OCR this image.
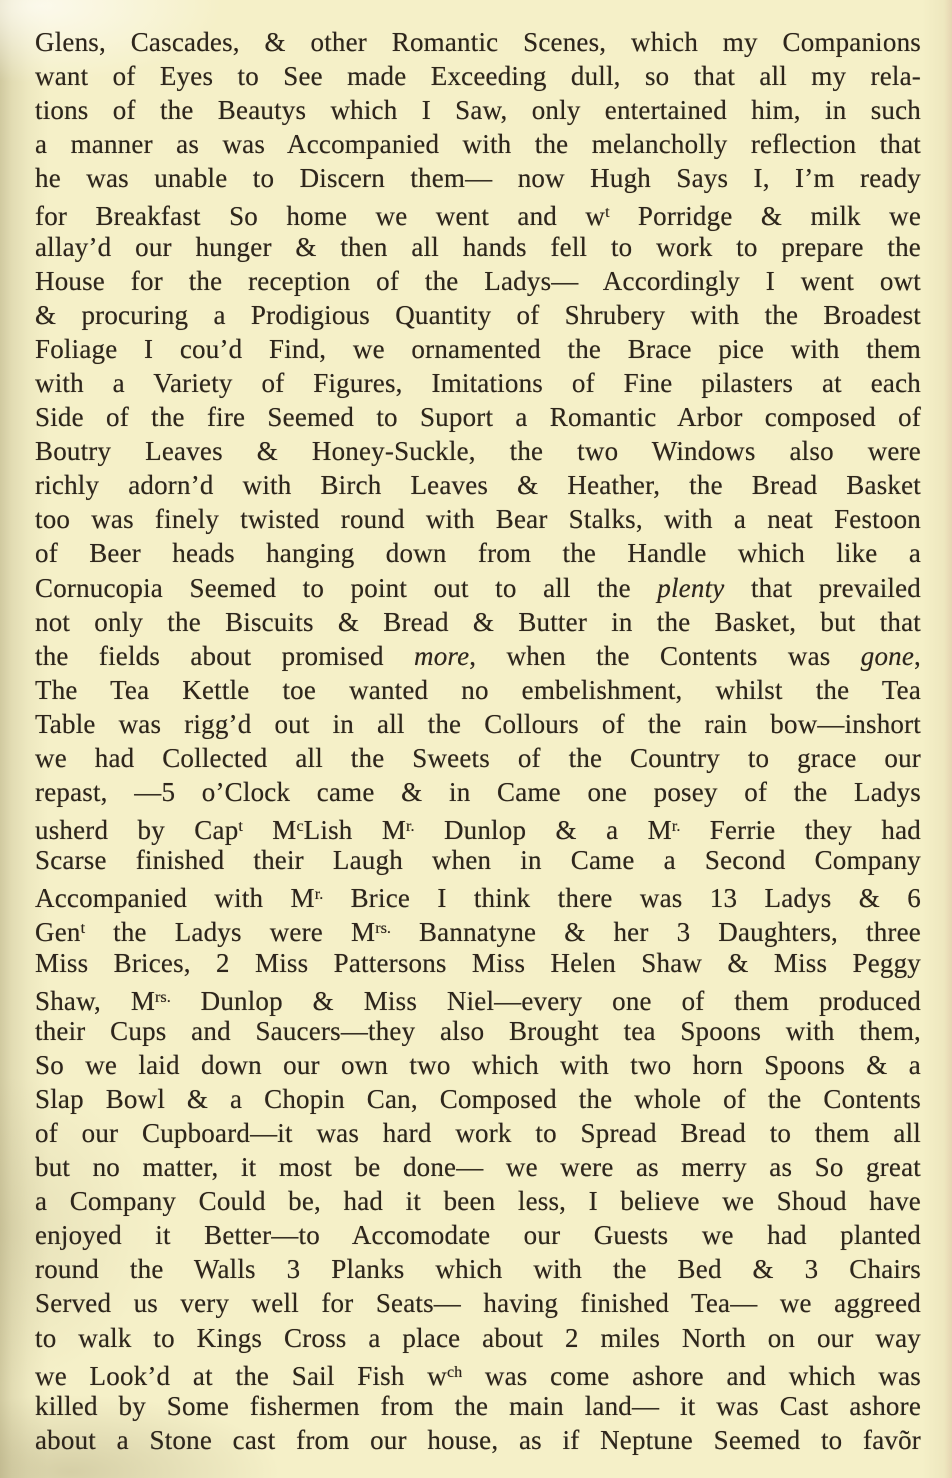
Glens, Cascades, & other Romantic Scenes, which my Companions
want of Eyes to See made Exceeding dull, so that all my rela-
tions of the Beautys which I Saw, only entertained him, in such
a manner as was Accompanied with the melancholly reflection that
he was unable to Discern them— now Hugh Says I, I’m ready
for Breakfast So home we went and $w^t$ Porridge & milk we
allay’d our hunger & then all hands fell to work to prepare the
House for the reception of the Ladys— Accordingly I went owt
& procuring a Prodigious Quantity of Shrubery with the Broadest
Foliage I cou’d Find, we ornamented the Brace pice with them
with a Variety of Figures, Imitations of Fine pilasters at each
Side of the fire Seemed to Suport a Romantic Arbor composed of
Boutry Leaves & Honey-Suckle, the two Windows also were
richly adorn’d with Birch Leaves & Heather, the Bread Basket
too was finely twisted round with Bear Stalks, with a neat Festoon
of Beer heads hanging down from the Handle which like a
Cornucopia Seemed to point out to all the plenty that prevailed
not only the Biscuits & Bread & Butter in the Basket, but that
the fields about promised more, when the Contents was gone,
The Tea Kettle toe wanted no embelishment, whilst the Tea
Table was rigg’d out in all the Collours of the rain bow—inshort
we had Collected all the Sweets of the Country to grace our
repast, —5 o’Clock came & in Came one posey of the Ladys
usherd by Cap$^t$ $M^cLish$ $M^{r.}$ Dunlop & a $M^{r.}$ Ferrie they had
Scarse finished their Laugh when in Came a Second Company
Accompanied with $M^{r.}$ Brice I think there was 13 Ladys & 6
Gen$^t$ the Ladys were $M^{rs.}$ Bannatyne & her 3 Daughters, three
Miss Brices, 2 Miss Pattersons Miss Helen Shaw & Miss Peggy
Shaw, $M^{rs.}$ Dunlop & Miss Niel—every one of them produced
their Cups and Saucers—they also Brought tea Spoons with them,
So we laid down our own two which with two horn Spoons & a
Slap Bowl & a Chopin Can, Composed the whole of the Contents
of our Cupboard—it was hard work to Spread Bread to them all
but no matter, it most be done— we were as merry as So great
a Company Could be, had it been less, I believe we Shoud have
enjoyed it Better—to Accomodate our Guests we had planted
round the Walls 3 Planks which with the Bed & 3 Chairs
Served us very well for Seats— having finished Tea— we aggreed
to walk to Kings Cross a place about 2 miles North on our way
we Look’d at the Sail Fish $w^{ch}$ was come ashore and which was
killed by Some fishermen from the main land— it was Cast ashore
about a Stone cast from our house, as if Neptune Seemed to favõr
